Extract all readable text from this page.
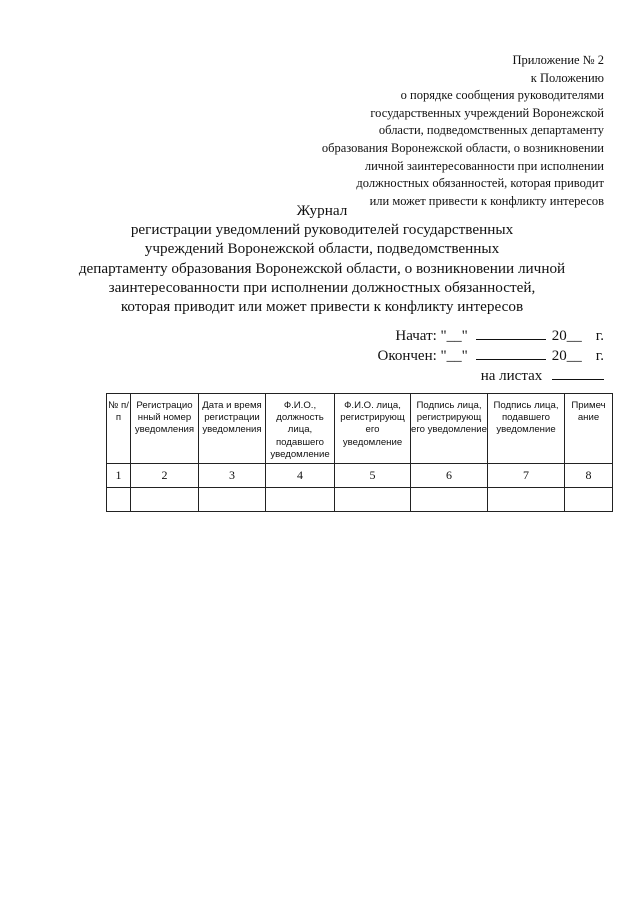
Приложение № 2
к Положению
о порядке сообщения руководителями
государственных учреждений Воронежской
области, подведомственных департаменту
образования Воронежской области, о возникновении
личной заинтересованности при исполнении
должностных обязанностей, которая приводит
или может привести к конфликту интересов
Журнал
регистрации уведомлений руководителей государственных
учреждений Воронежской области, подведомственных
департаменту образования Воронежской области, о возникновении личной
заинтересованности при исполнении должностных обязанностей,
которая приводит или может привести к конфликту интересов
Начат: "__"	20__ г.
Окончен: "__"	20__ г.
на листах
№ п/п	Регистрацио нный номер уведомления	Дата и время регистрации уведомления	Ф.И.О., должность лица, подавшего уведомление	Ф.И.О. лица, регистрирующ его уведомление	Подпись лица, регистрирующ его уведомление	Подпись лица, подавшего уведомление	Примеч ание
1	2	3	4	5	6	7	8
